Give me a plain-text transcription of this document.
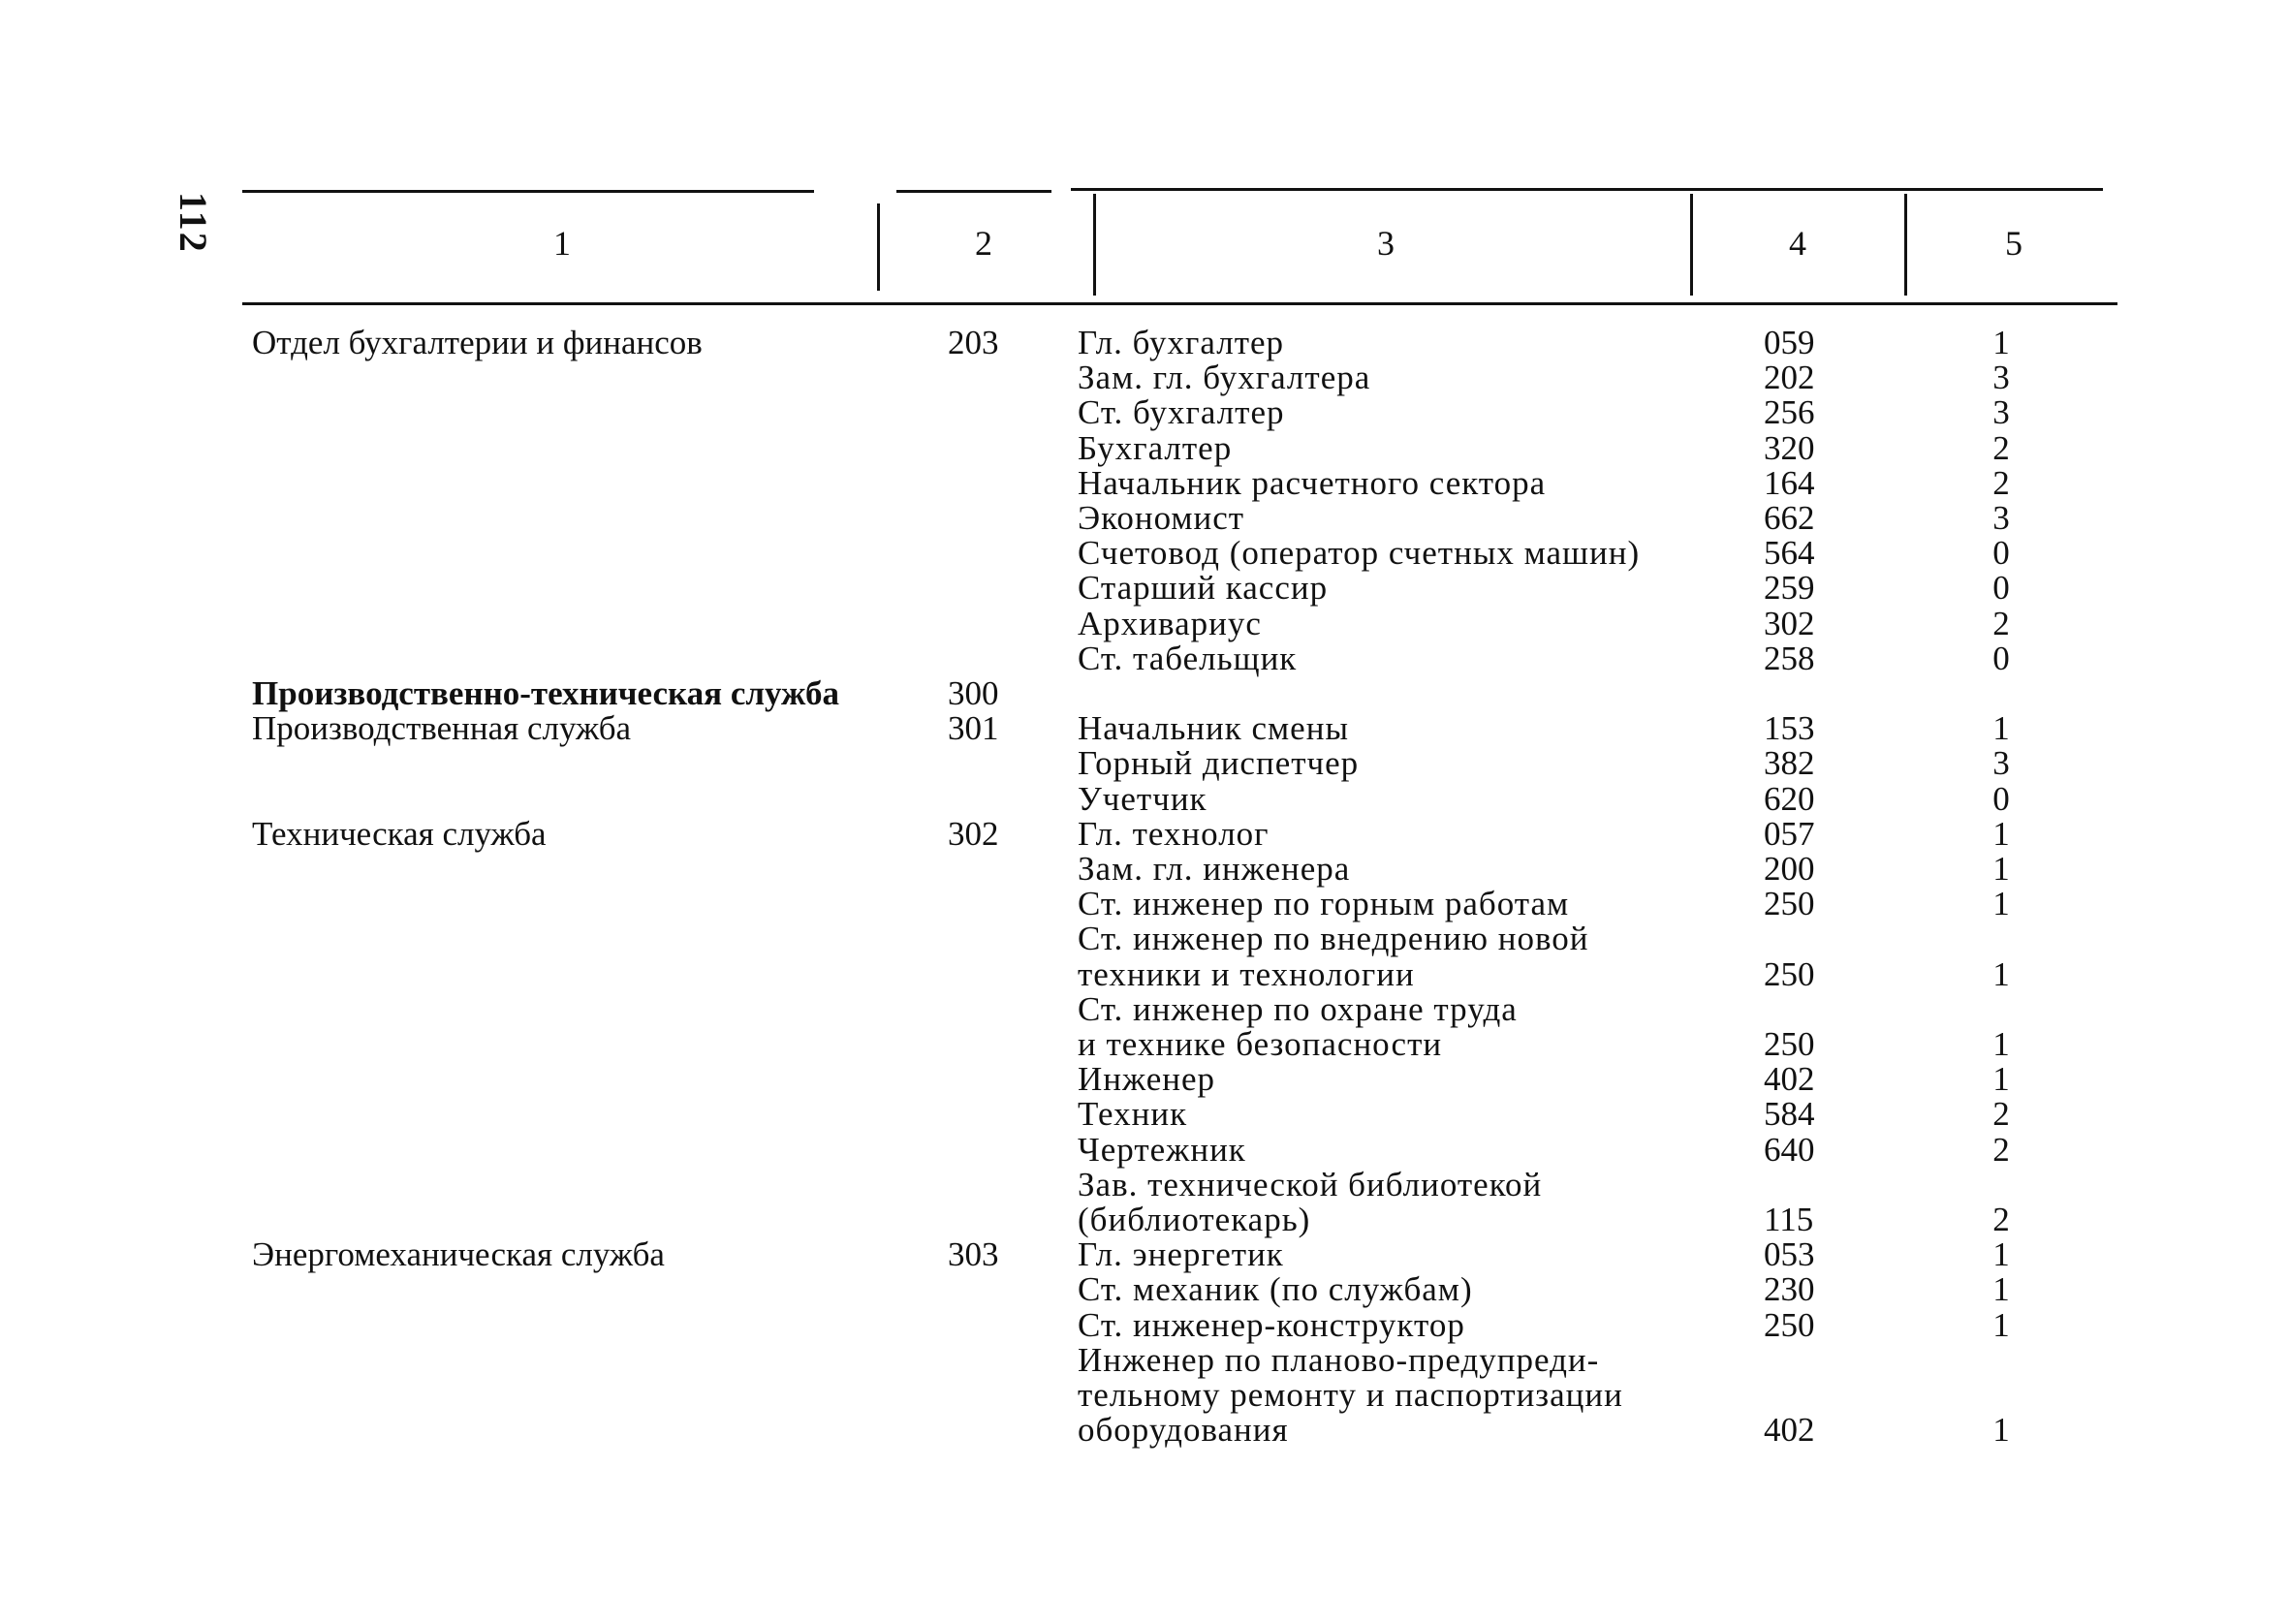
112	1	2	3	4	5
Отдел бухгалтерии и финансов	203 Гл. бухгалтер	059	1
Зам. гл. бухгалтера	202	3
Ст. бухгалтер	256	3
Бухгалтер	320	2
Начальник расчетного сектора	164	2
Экономист	662	3
Счетовод (оператор счетных машин)	564	0
Старший кассир	259	0
Архивариус	302	2
Ст. табельщик	258	0
Производственно-техническая служба	300
Производственная служба	301 Начальник смены	153	1
Горный диспетчер	382	3
Учетчик	620	0
Техническая служба	302 Гл. технолог	057	1
Зам. гл. инженера	200	1
Ст. инженер по горным работам	250	1
Ст. инженер по внедрению новой
техники и технологии	250	1
Ст. инженер по охране труда
и технике безопасности	250	1
Инженер	402	1
Техник	584	2
Чертежник	640	2
Зав. технической библиотекой
(библиотекарь)	115	2
Энергомеханическая служба	303 Гл. энергетик	053	1
Ст. механик (по службам)	230	1
Ст. инженер-конструктор	250	1
Инженер по планово-предупреди-
тельному ремонту и паспортизации
оборудования	402	1
